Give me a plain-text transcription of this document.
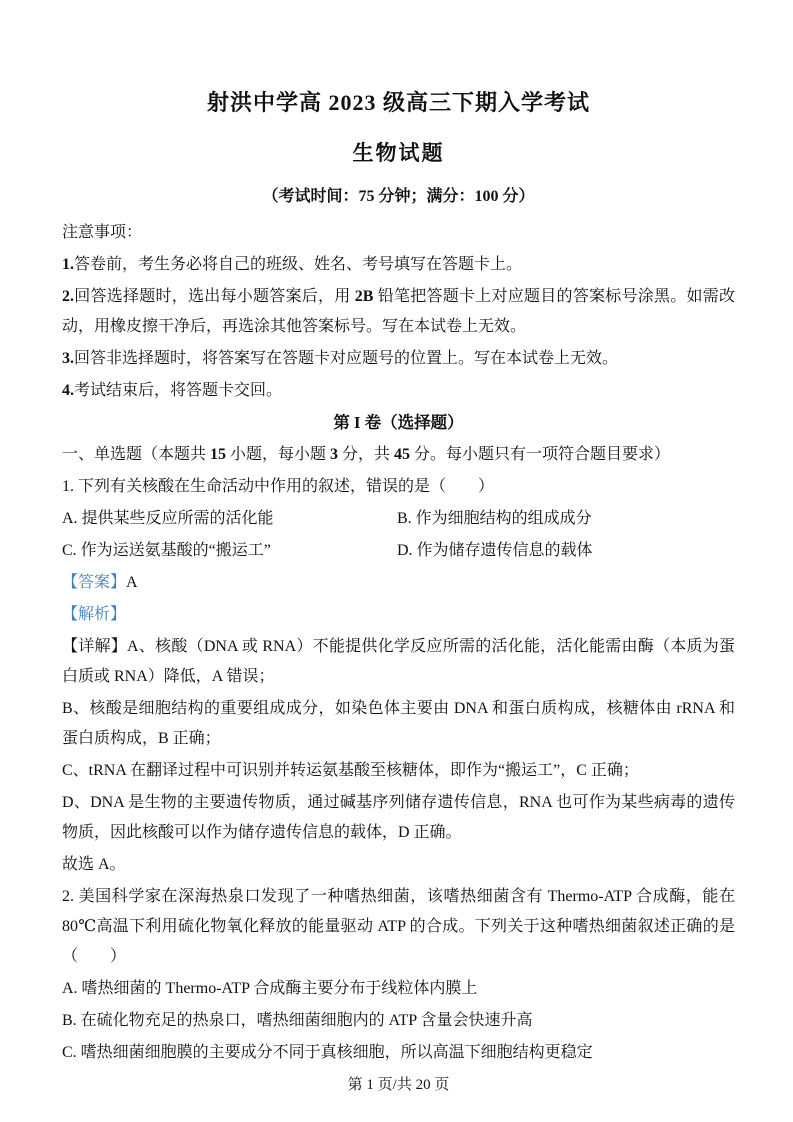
射洪中学高 2023 级高三下期入学考试
生物试题

（考试时间：75 分钟；满分：100 分）

注意事项：

1.答卷前，考生务必将自己的班级、姓名、考号填写在答题卡上。

2.回答选择题时，选出每小题答案后，用 2B 铅笔把答题卡上对应题目的答案标号涂黑。如需改动，用橡皮擦干净后，再选涂其他答案标号。写在本试卷上无效。

3.回答非选择题时，将答案写在答题卡对应题号的位置上。写在本试卷上无效。

4.考试结束后，将答题卡交回。

第 I 卷（选择题）

一、单选题（本题共 15 小题，每小题 3 分，共 45 分。每小题只有一项符合题目要求）

1. 下列有关核酸在生命活动中作用的叙述，错误的是（　　）

A. 提供某些反应所需的活化能	B. 作为细胞结构的组成成分
C. 作为运送氨基酸的“搬运工”	D. 作为储存遗传信息的载体

【答案】A

【解析】

【详解】A、核酸（DNA 或 RNA）不能提供化学反应所需的活化能，活化能需由酶（本质为蛋白质或 RNA）降低，A 错误；

B、核酸是细胞结构的重要组成成分，如染色体主要由 DNA 和蛋白质构成，核糖体由 rRNA 和蛋白质构成，B 正确；

C、tRNA 在翻译过程中可识别并转运氨基酸至核糖体，即作为“搬运工”，C 正确；

D、DNA 是生物的主要遗传物质，通过碱基序列储存遗传信息，RNA 也可作为某些病毒的遗传物质，因此核酸可以作为储存遗传信息的载体，D 正确。

故选 A。

2. 美国科学家在深海热泉口发现了一种嗜热细菌，该嗜热细菌含有 Thermo-ATP 合成酶，能在 80℃高温下利用硫化物氧化释放的能量驱动 ATP 的合成。下列关于这种嗜热细菌叙述正确的是（　　）

A. 嗜热细菌的 Thermo-ATP 合成酶主要分布于线粒体内膜上

B. 在硫化物充足的热泉口，嗜热细菌细胞内的 ATP 含量会快速升高

C. 嗜热细菌细胞膜的主要成分不同于真核细胞，所以高温下细胞结构更稳定

第 1 页/共 20 页
